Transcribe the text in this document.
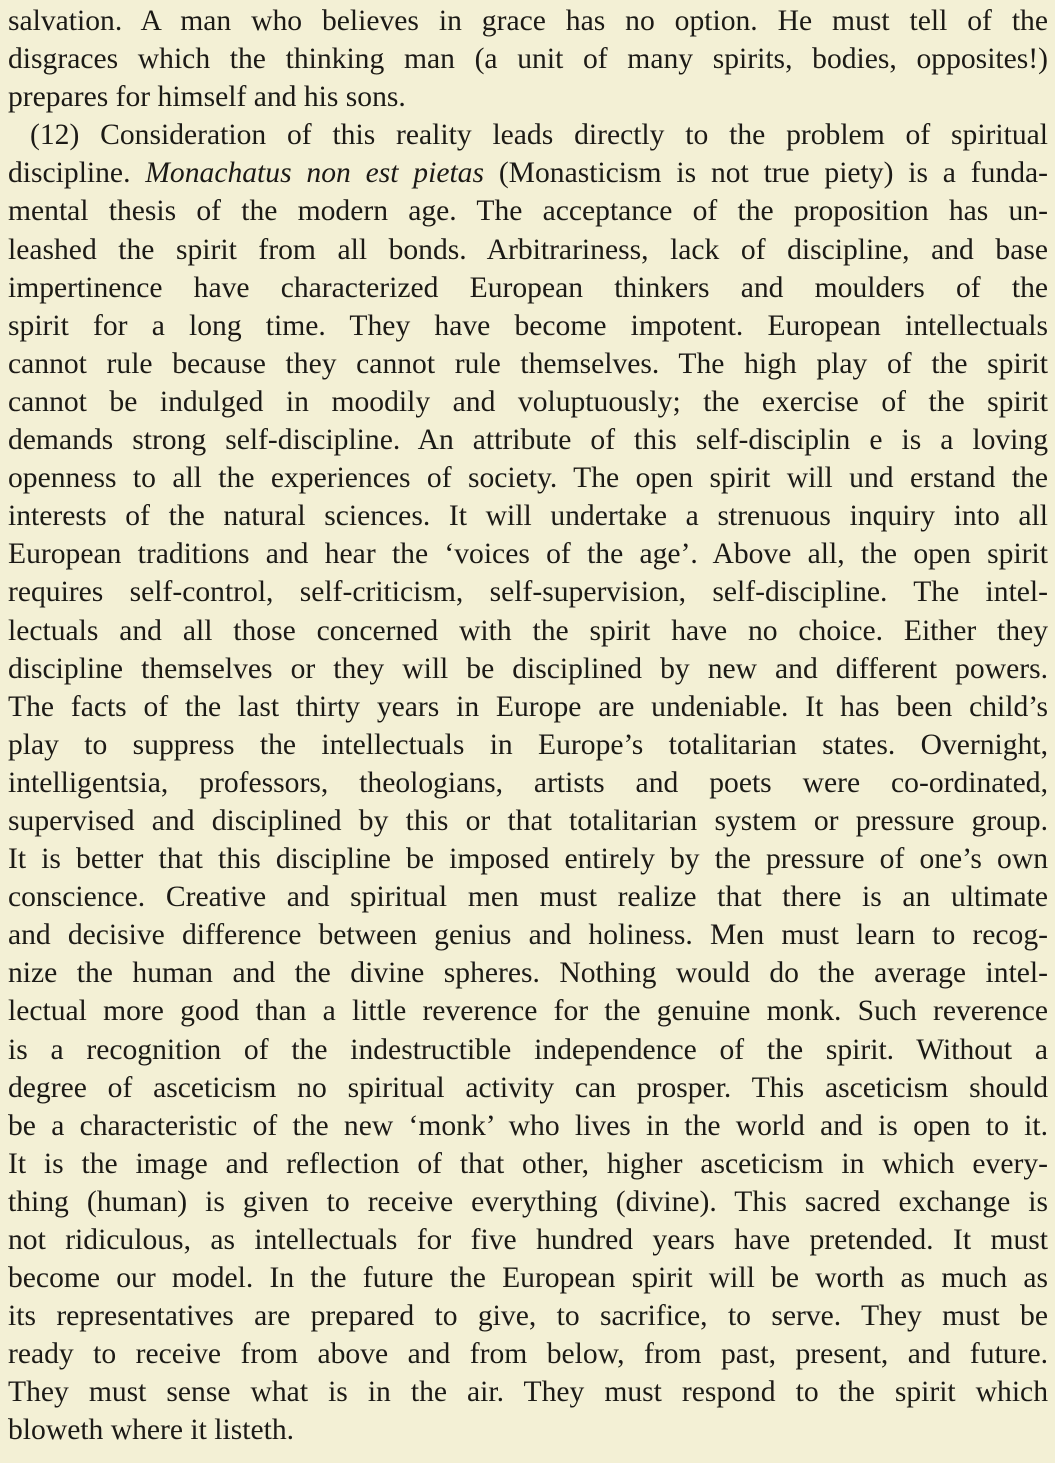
salvation. A man who believes in grace has no option. He must tell of the
disgraces which the thinking man (a unit of many spirits, bodies, opposites!)
prepares for himself and his sons.
(12) Consideration of this reality leads directly to the problem of spiritual
discipline. Monachatus non est pietas (Monasticism is not true piety) is a funda-
mental thesis of the modern age. The acceptance of the proposition has un-
leashed the spirit from all bonds. Arbitrariness, lack of discipline, and base
impertinence have characterized European thinkers and moulders of the
spirit for a long time. They have become impotent. European intellectuals
cannot rule because they cannot rule themselves. The high play of the spirit
cannot be indulged in moodily and voluptuously; the exercise of the spirit
demands strong self-discipline. An attribute of this self-disciplin e is a loving
openness to all the experiences of society. The open spirit will und erstand the
interests of the natural sciences. It will undertake a strenuous inquiry into all
European traditions and hear the ‘voices of the age’. Above all, the open spirit
requires self-control, self-criticism, self-supervision, self-discipline. The intel-
lectuals and all those concerned with the spirit have no choice. Either they
discipline themselves or they will be disciplined by new and different powers.
The facts of the last thirty years in Europe are undeniable. It has been child’s
play to suppress the intellectuals in Europe’s totalitarian states. Overnight,
intelligentsia, professors, theologians, artists and poets were co-ordinated,
supervised and disciplined by this or that totalitarian system or pressure group.
It is better that this discipline be imposed entirely by the pressure of one’s own
conscience. Creative and spiritual men must realize that there is an ultimate
and decisive difference between genius and holiness. Men must learn to recog-
nize the human and the divine spheres. Nothing would do the average intel-
lectual more good than a little reverence for the genuine monk. Such reverence
is a recognition of the indestructible independence of the spirit. Without a
degree of asceticism no spiritual activity can prosper. This asceticism should
be a characteristic of the new ‘monk’ who lives in the world and is open to it.
It is the image and reflection of that other, higher asceticism in which every-
thing (human) is given to receive everything (divine). This sacred exchange is
not ridiculous, as intellectuals for five hundred years have pretended. It must
become our model. In the future the European spirit will be worth as much as
its representatives are prepared to give, to sacrifice, to serve. They must be
ready to receive from above and from below, from past, present, and future.
They must sense what is in the air. They must respond to the spirit which
bloweth where it listeth.
